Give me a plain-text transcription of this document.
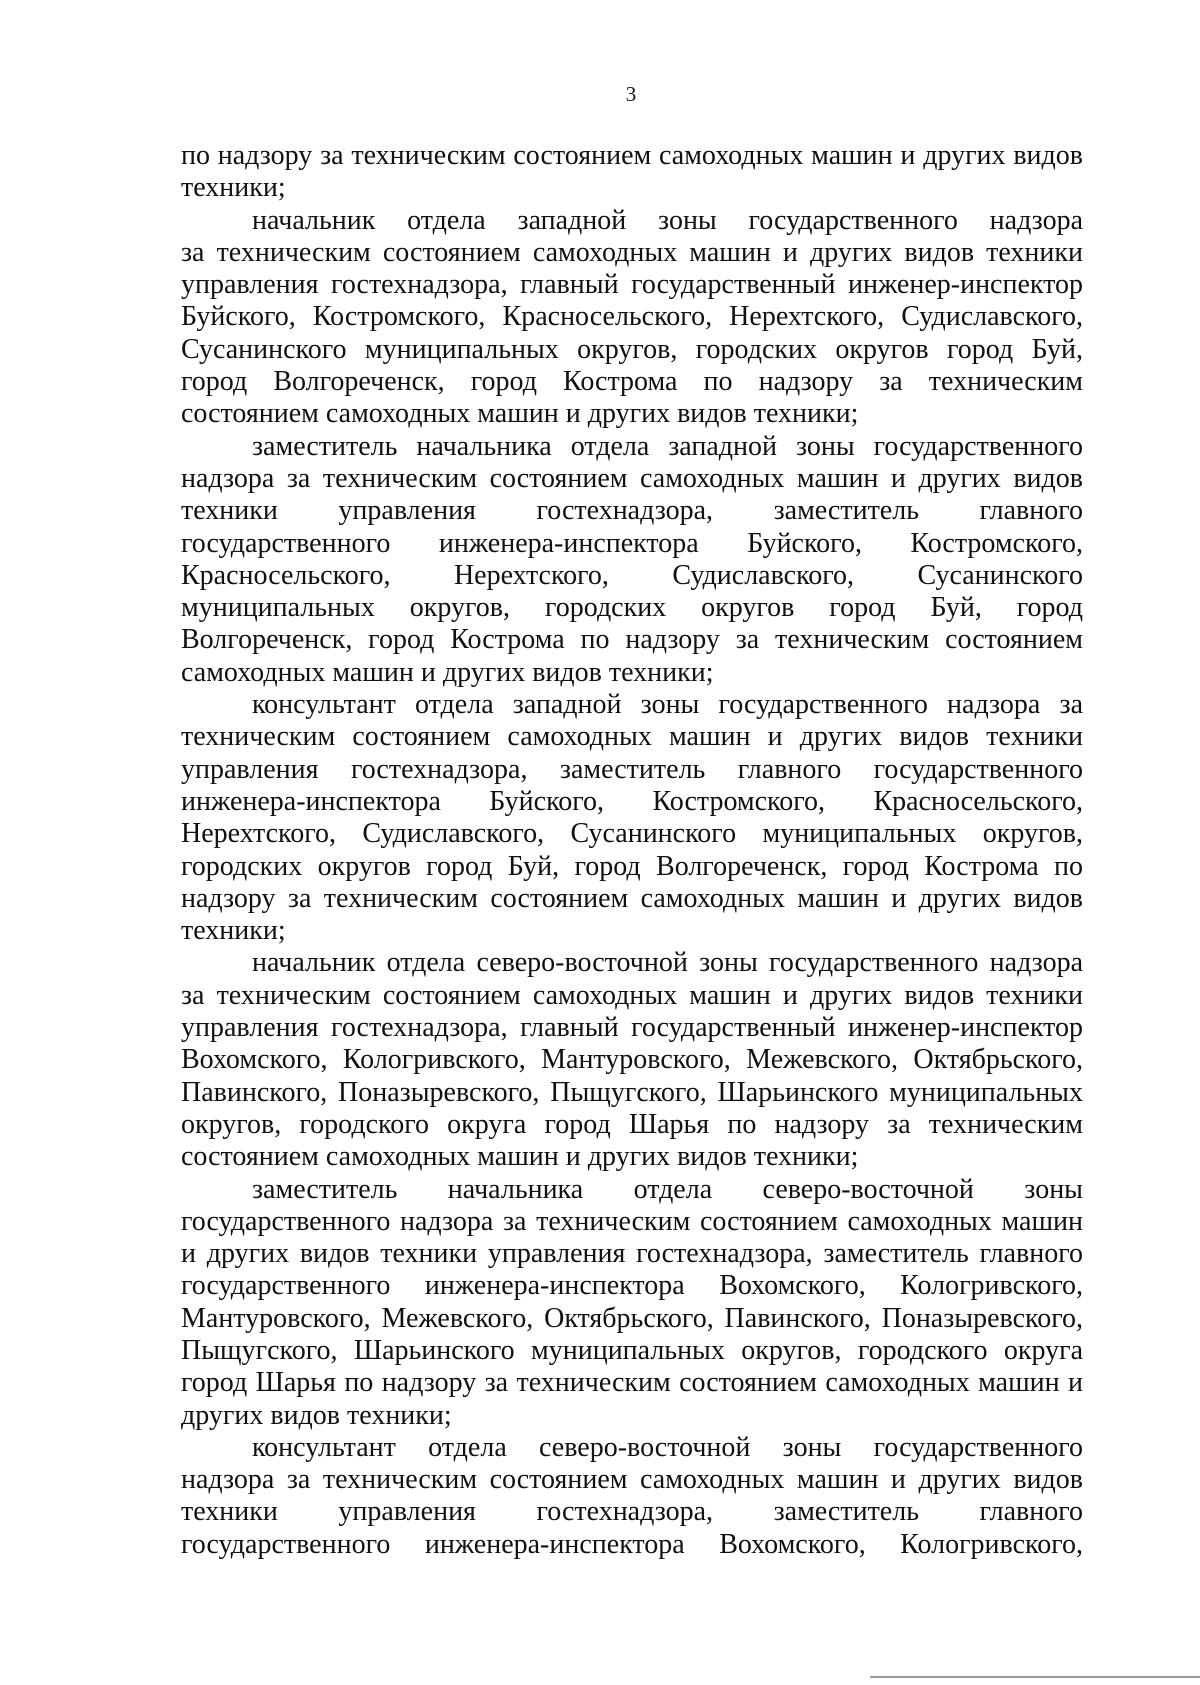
3
по надзору за техническим состоянием самоходных машин и других видов
техники;
начальник отдела западной зоны государственного надзора
за техническим состоянием самоходных машин и других видов техники
управления гостехнадзора, главный государственный инженер-инспектор
Буйского, Костромского, Красносельского, Нерехтского, Судиславского,
Сусанинского муниципальных округов, городских округов город Буй,
город Волгореченск, город Кострома по надзору за техническим
состоянием самоходных машин и других видов техники;
заместитель начальника отдела западной зоны государственного
надзора за техническим состоянием самоходных машин и других видов
техники управления гостехнадзора, заместитель главного
государственного инженера-инспектора Буйского, Костромского,
Красносельского, Нерехтского, Судиславского, Сусанинского
муниципальных округов, городских округов город Буй, город
Волгореченск, город Кострома по надзору за техническим состоянием
самоходных машин и других видов техники;
консультант отдела западной зоны государственного надзора за
техническим состоянием самоходных машин и других видов техники
управления гостехнадзора, заместитель главного государственного
инженера-инспектора Буйского, Костромского, Красносельского,
Нерехтского, Судиславского, Сусанинского муниципальных округов,
городских округов город Буй, город Волгореченск, город Кострома по
надзору за техническим состоянием самоходных машин и других видов
техники;
начальник отдела северо-восточной зоны государственного надзора
за техническим состоянием самоходных машин и других видов техники
управления гостехнадзора, главный государственный инженер-инспектор
Вохомского, Кологривского, Мантуровского, Межевского, Октябрьского,
Павинского, Поназыревского, Пыщугского, Шарьинского муниципальных
округов, городского округа город Шарья по надзору за техническим
состоянием самоходных машин и других видов техники;
заместитель начальника отдела северо-восточной зоны
государственного надзора за техническим состоянием самоходных машин
и других видов техники управления гостехнадзора, заместитель главного
государственного инженера-инспектора Вохомского, Кологривского,
Мантуровского, Межевского, Октябрьского, Павинского, Поназыревского,
Пыщугского, Шарьинского муниципальных округов, городского округа
город Шарья по надзору за техническим состоянием самоходных машин и
других видов техники;
консультант отдела северо-восточной зоны государственного
надзора за техническим состоянием самоходных машин и других видов
техники управления гостехнадзора, заместитель главного
государственного инженера-инспектора Вохомского, Кологривского,
